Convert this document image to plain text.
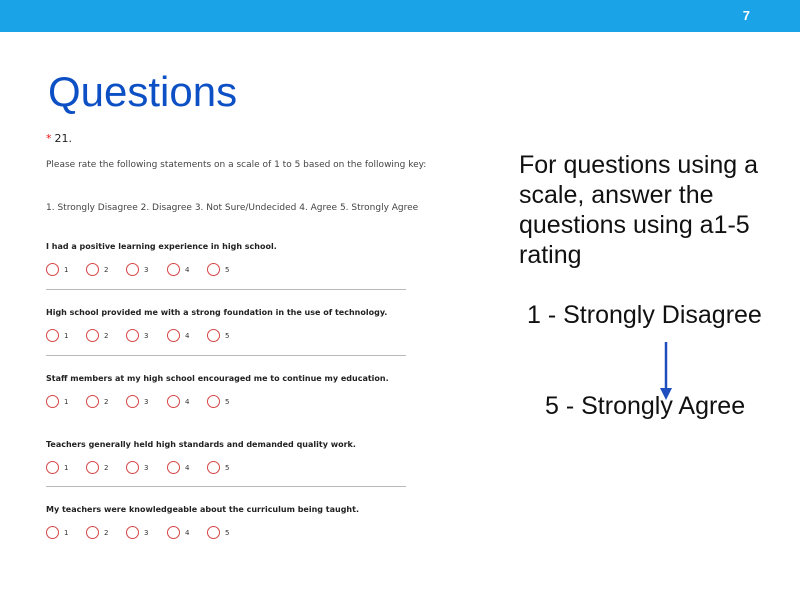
7
Questions
* 21.
Please rate the following statements on a scale of 1 to 5 based on the following key:
1. Strongly Disagree 2. Disagree 3. Not Sure/Undecided 4. Agree 5. Strongly Agree
I had a positive learning experience in high school.
1	2	3	4	5
High school provided me with a strong foundation in the use of technology.
1	2	3	4	5
Staff members at my high school encouraged me to continue my education.
1	2	3	4	5
Teachers generally held high standards and demanded quality work.
1	2	3	4	5
My teachers were knowledgeable about the curriculum being taught.
1	2	3	4	5
For questions using a scale, answer the questions using a1-5 rating
1 - Strongly Disagree
5 - Strongly Agree
